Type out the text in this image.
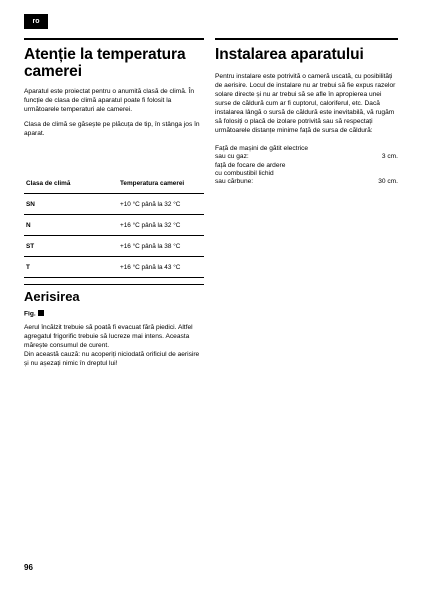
ro
Atenție la temperatura camerei

Aparatul este proiectat pentru o anumită clasă de climă. În funcție de clasa de climă aparatul poate fi folosit la următoarele temperaturi ale camerei.

Clasa de climă se găsește pe plăcuța de tip, în stânga jos în aparat.

Clasa de climă	Temperatura camerei
SN	+10 °C până la 32 °C
N	+16 °C până la 32 °C
ST	+16 °C până la 38 °C
T	+16 °C până la 43 °C
Aerisirea
Fig.

Aerul încălzit trebuie să poată fi evacuat fără piedici. Altfel agregatul frigorific trebuie să lucreze mai intens. Aceasta mărește consumul de curent.

Din această cauză: nu acoperiți niciodată orificiul de aerisire și nu așezați nimic în dreptul lui!

Instalarea aparatului

Pentru instalare este potrivită o cameră uscată, cu posibilități de aerisire. Locul de instalare nu ar trebui să fie expus razelor solare directe și nu ar trebui să se afle în apropierea unei surse de căldură cum ar fi cuptorul, caloriferul, etc. Dacă instalarea lângă o sursă de căldură este inevitabilă, vă rugăm să folosiți o placă de izolare potrivită sau să respectați următoarele distanțe minime față de sursa de căldură:

Față de mașini de gătit electrice
sau cu gaz:	3 cm.
față de focare de ardere
cu combustibil lichid
sau cărbune:	30 cm.
96
